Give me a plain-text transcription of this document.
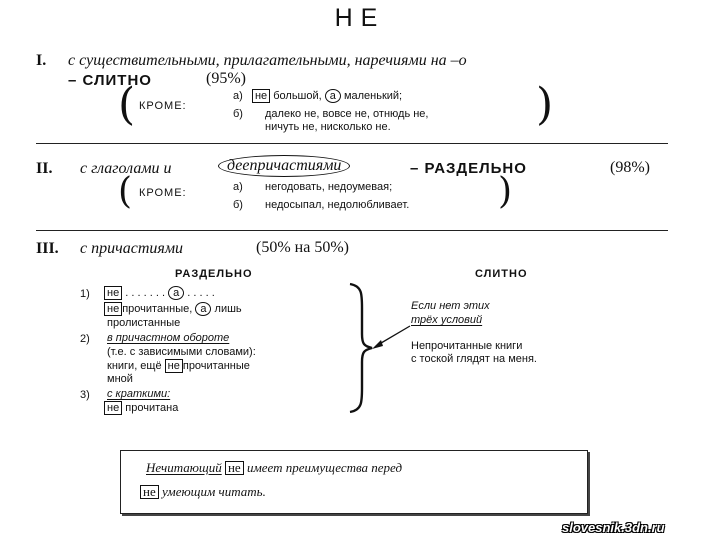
НЕ
I. с существительными, прилагательными, наречиями на –о
– СЛИТНО	(95%)
( КРОМЕ:
а) не большой, а маленький;
б) далеко не, вовсе не, отнюдь не,
ничуть не, нисколько не.	)
II. с глаголами и	деепричастиями	– РАЗДЕЛЬНО	(98%)
( КРОМЕ:	а) негодовать, недоумевая;
б) недосыпал, недолюбливает. )
III. с причастиями	(50% на 50%)
РАЗДЕЛЬНО	СЛИТНО
1) не . . . . . . . а . . . . .
не прочитанные, а лишь
пролистанные
2) в причастном обороте
(т.е. с зависимыми словами):
книги, ещё не прочитанные
мной
3) с краткими:
не прочитана
Если нет этих
трёх условий
Непрочитанные книги
с тоской глядят на меня.
Нечитающий не имеет преимущества перед
не умеющим читать.
slovesnik.3dn.ru
